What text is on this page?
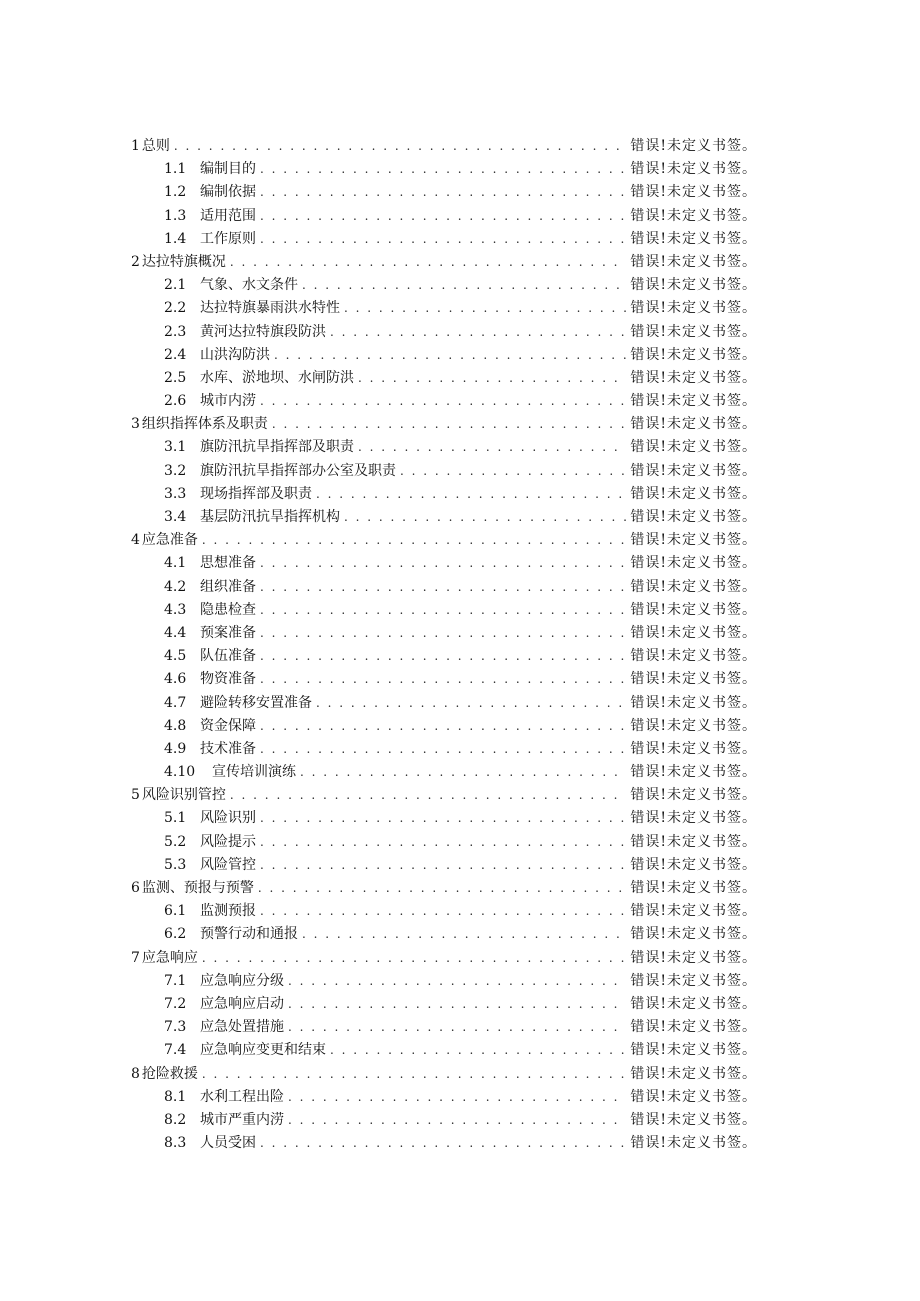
1 总则 . . .	错误!未定义书签。
1.1 编制目的 . . .	错误!未定义书签。
1.2 编制依据 . . .	错误!未定义书签。
1.3 适用范围 . . .	错误!未定义书签。
1.4 工作原则 . . .	错误!未定义书签。
2 达拉特旗概况 . . .	错误!未定义书签。
2.1 气象、水文条件 . . .	错误!未定义书签。
2.2 达拉特旗暴雨洪水特性 . . .	错误!未定义书签。
2.3 黄河达拉特旗段防洪 . . .	错误!未定义书签。
2.4 山洪沟防洪 . . .	错误!未定义书签。
2.5 水库、淤地坝、水闸防洪 . . .	错误!未定义书签。
2.6 城市内涝 . . .	错误!未定义书签。
3 组织指挥体系及职责 . . .	错误!未定义书签。
3.1 旗防汛抗旱指挥部及职责 . . .	错误!未定义书签。
3.2 旗防汛抗旱指挥部办公室及职责 . . .	错误!未定义书签。
3.3 现场指挥部及职责 . . .	错误!未定义书签。
3.4 基层防汛抗旱指挥机构 . . .	错误!未定义书签。
4 应急准备 . . .	错误!未定义书签。
4.1 思想准备 . . .	错误!未定义书签。
4.2 组织准备 . . .	错误!未定义书签。
4.3 隐患检查 . . .	错误!未定义书签。
4.4 预案准备 . . .	错误!未定义书签。
4.5 队伍准备 . . .	错误!未定义书签。
4.6 物资准备 . . .	错误!未定义书签。
4.7 避险转移安置准备 . . .	错误!未定义书签。
4.8 资金保障 . . .	错误!未定义书签。
4.9 技术准备 . . .	错误!未定义书签。
4.10	宣传培训演练 . . .	错误!未定义书签。
5 风险识别管控 . . .	错误!未定义书签。
5.1 风险识别 . . .	错误!未定义书签。
5.2 风险提示 . . .	错误!未定义书签。
5.3 风险管控 . . .	错误!未定义书签。
6 监测、预报与预警 . . .	错误!未定义书签。
6.1 监测预报 . . .	错误!未定义书签。
6.2 预警行动和通报 . . .	错误!未定义书签。
7 应急响应 . . .	错误!未定义书签。
7.1 应急响应分级 . . .	错误!未定义书签。
7.2 应急响应启动 . . .	错误!未定义书签。
7.3 应急处置措施 . . .	错误!未定义书签。
7.4 应急响应变更和结束 . . .	错误!未定义书签。
8 抢险救援 . . .	错误!未定义书签。
8.1 水利工程出险 . . .	错误!未定义书签。
8.2 城市严重内涝 . . .	错误!未定义书签。
8.3 人员受困 . . .	错误!未定义书签。
